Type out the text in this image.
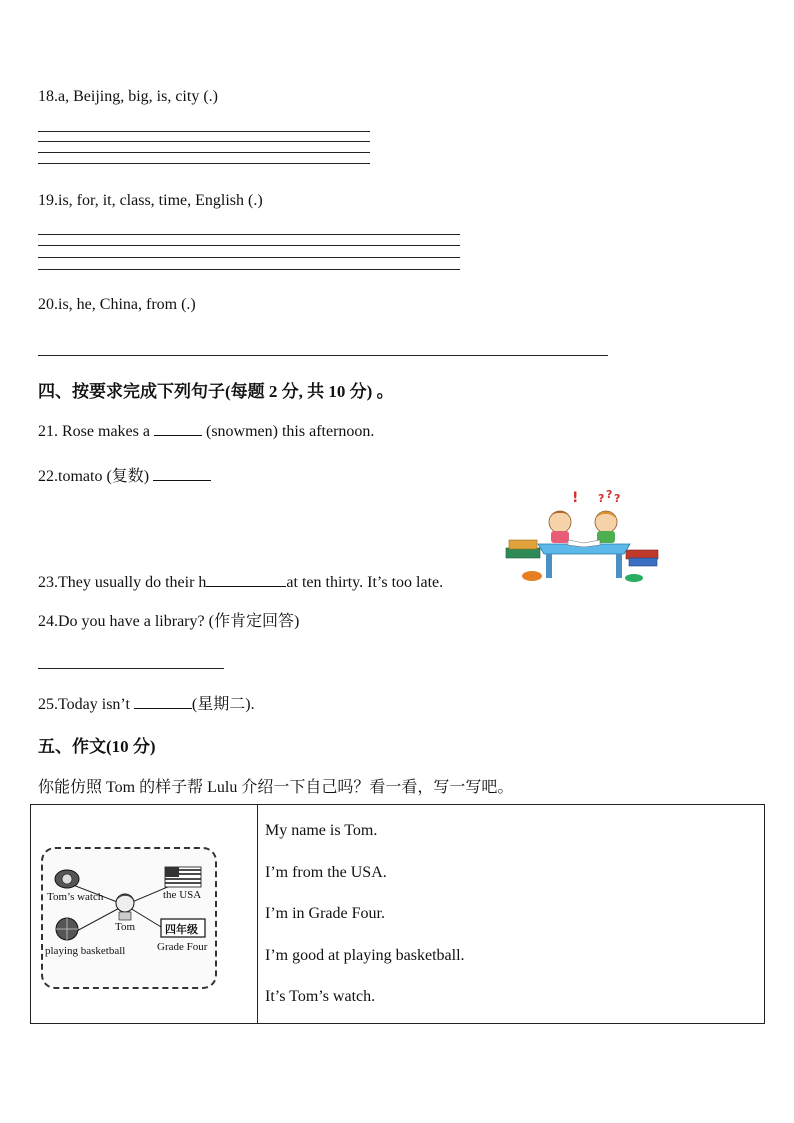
18.a, Beijing, big, is, city (.)
19.is, for, it, class, time, English (.)
20.is, he, China, from (.)
四、按要求完成下列句子(每题 2 分, 共 10 分) 。
21. Rose makes a	(snowmen) this afternoon.
22.tomato (复数)
! ? ? ?
23.They usually do their h	at ten thirty. It’s too late.
24.Do you have a library? (作肯定回答)
25.Today isn’t	(星期二).
五、作文(10 分)
你能仿照 Tom 的样子帮 Lulu 介绍一下自己吗？看一看，写一写吧。
Tom’s watch	the USA
Tom	四年级
Grade Four
playing basketball

My name is Tom.
I’m from the USA.
I’m in Grade Four.
I’m good at playing basketball.
It’s Tom’s watch.
